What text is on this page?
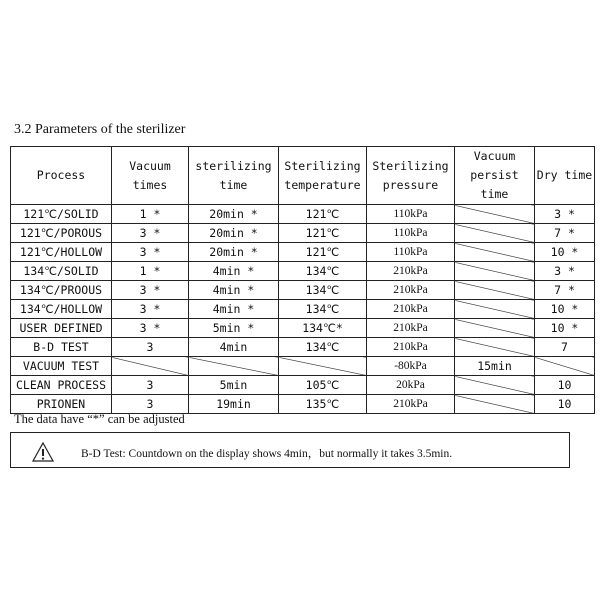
3.2 Parameters of the sterilizer
Process	Vacuum times	sterilizing time	Sterilizing temperature	Sterilizing pressure	Vacuum persist time	Dry time
121℃/SOLID	1 *	20min *	121℃	110kPa		3 *
121℃/POROUS	3 *	20min *	121℃	110kPa		7 *
121℃/HOLLOW	3 *	20min *	121℃	110kPa		10 *
134℃/SOLID	1 *	4min *	134℃	210kPa		3 *
134℃/PROOUS	3 *	4min *	134℃	210kPa		7 *
134℃/HOLLOW	3 *	4min *	134℃	210kPa		10 *
USER DEFINED	3 *	5min *	134℃*	210kPa		10 *
B-D TEST	3	4min	134℃	210kPa		7
VACUUM TEST				-80kPa	15min	
CLEAN PROCESS	3	5min	105℃	20kPa		10
PRIONEN	3	19min	135℃	210kPa		10
The data have “*” can be adjusted
B-D Test: Countdown on the display shows 4min，but normally it takes 3.5min.
